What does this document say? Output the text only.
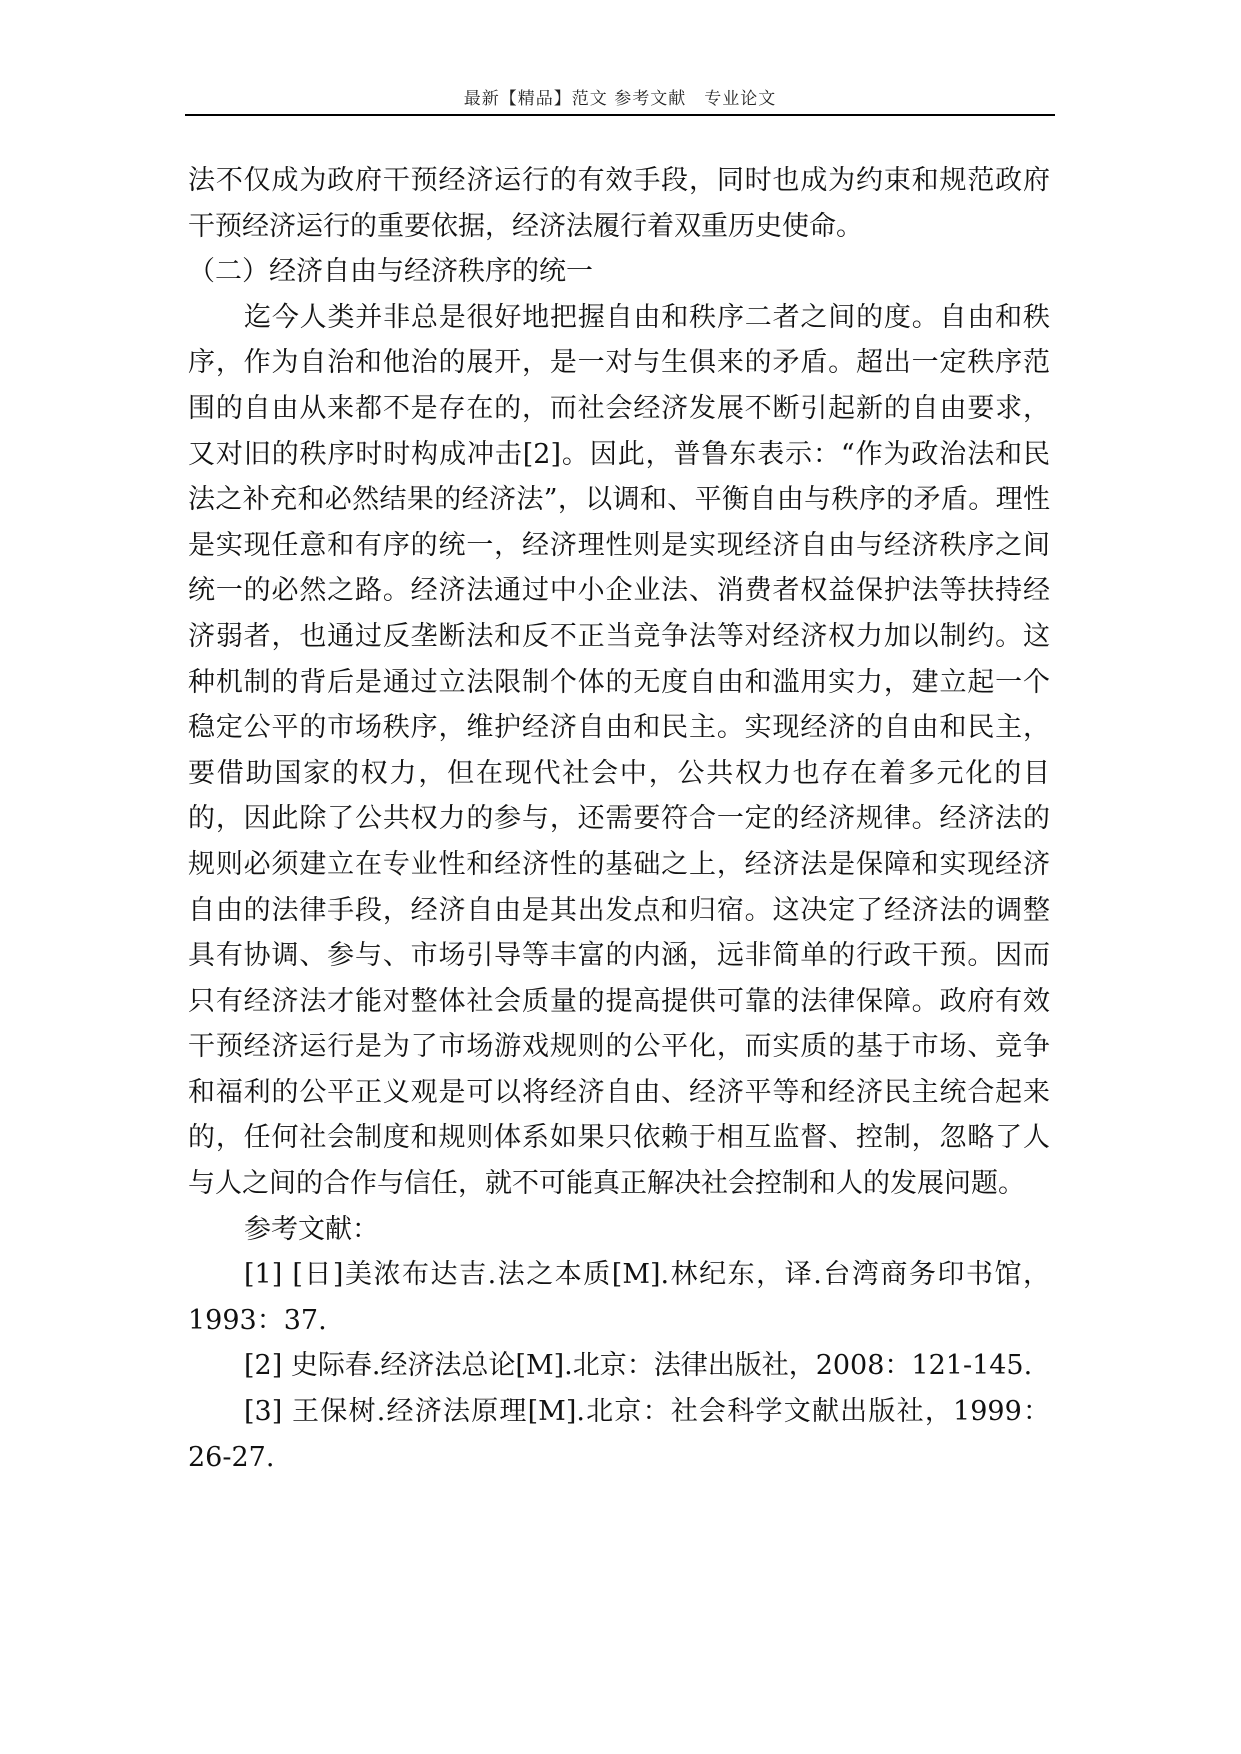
最新【精品】范文 参考文献　专业论文

法不仅成为政府干预经济运行的有效手段，同时也成为约束和规范政府干预经济运行的重要依据，经济法履行着双重历史使命。

（二）经济自由与经济秩序的统一

迄今人类并非总是很好地把握自由和秩序二者之间的度。自由和秩序，作为自治和他治的展开，是一对与生俱来的矛盾。超出一定秩序范围的自由从来都不是存在的，而社会经济发展不断引起新的自由要求，又对旧的秩序时时构成冲击[2]。因此，普鲁东表示：“作为政治法和民法之补充和必然结果的经济法”，以调和、平衡自由与秩序的矛盾。理性是实现任意和有序的统一，经济理性则是实现经济自由与经济秩序之间统一的必然之路。经济法通过中小企业法、消费者权益保护法等扶持经济弱者，也通过反垄断法和反不正当竞争法等对经济权力加以制约。这种机制的背后是通过立法限制个体的无度自由和滥用实力，建立起一个稳定公平的市场秩序，维护经济自由和民主。实现经济的自由和民主，要借助国家的权力，但在现代社会中，公共权力也存在着多元化的目的，因此除了公共权力的参与，还需要符合一定的经济规律。经济法的规则必须建立在专业性和经济性的基础之上，经济法是保障和实现经济自由的法律手段，经济自由是其出发点和归宿。这决定了经济法的调整具有协调、参与、市场引导等丰富的内涵，远非简单的行政干预。因而只有经济法才能对整体社会质量的提高提供可靠的法律保障。政府有效干预经济运行是为了市场游戏规则的公平化，而实质的基于市场、竞争和福利的公平正义观是可以将经济自由、经济平等和经济民主统合起来的，任何社会制度和规则体系如果只依赖于相互监督、控制，忽略了人与人之间的合作与信任，就不可能真正解决社会控制和人的发展问题。

参考文献：

[1] [日]美浓布达吉.法之本质[M].林纪东，译.台湾商务印书馆，1993：37.

[2] 史际春.经济法总论[M].北京：法律出版社，2008：121-145.

[3] 王保树.经济法原理[M].北京：社会科学文献出版社，1999：26-27.
